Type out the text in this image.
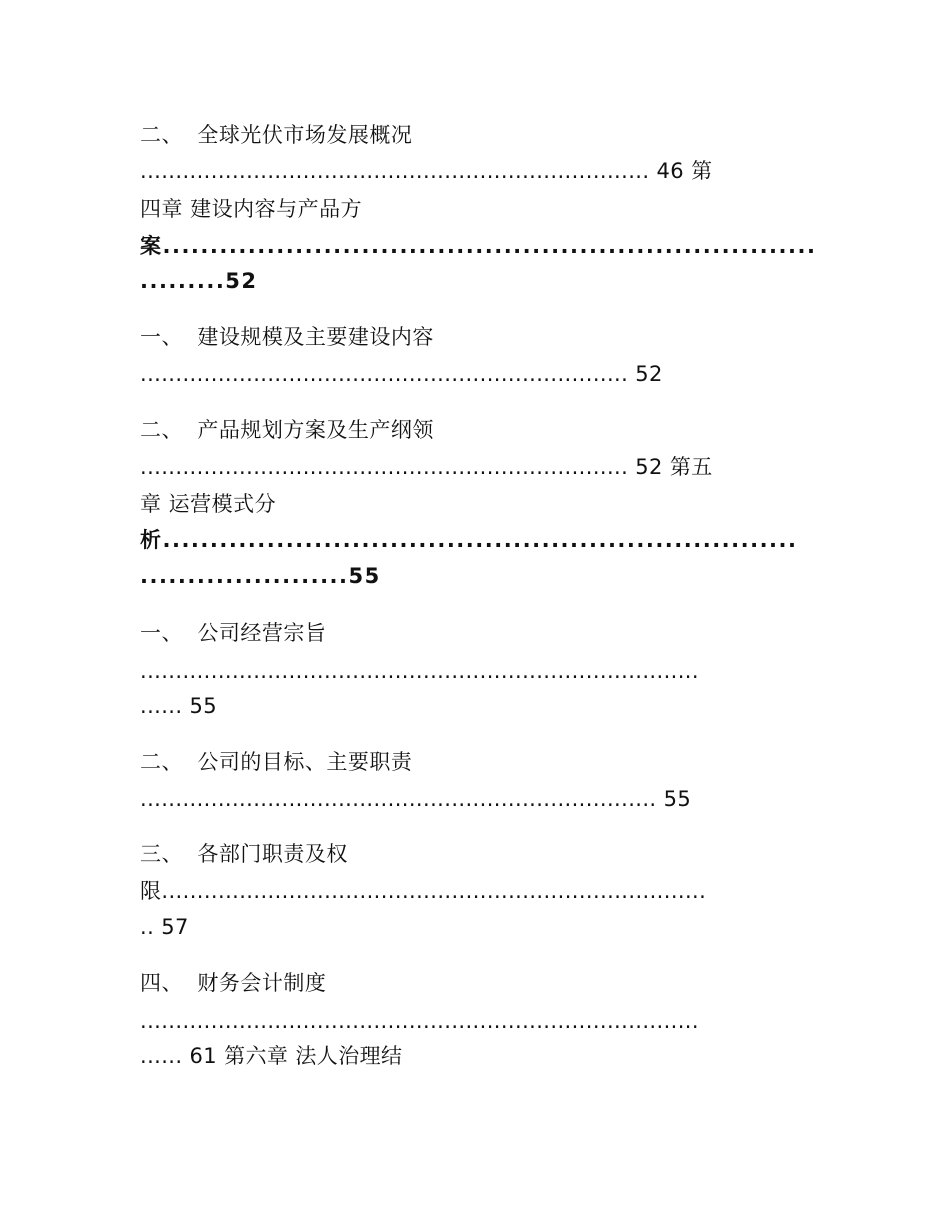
二、  全球光伏市场发展概况
........................................................................ 46 第
四章 建设内容与产品方
案.....................................................................
.........52
一、  建设规模及主要建设内容
..................................................................... 52
二、  产品规划方案及生产纲领
..................................................................... 52 第五
章 运营模式分
析...................................................................
......................55
一、  公司经营宗旨
...............................................................................
...... 55
二、  公司的目标、主要职责
......................................................................... 55
三、  各部门职责及权
限.............................................................................
.. 57
四、  财务会计制度
...............................................................................
...... 61 第六章 法人治理结
